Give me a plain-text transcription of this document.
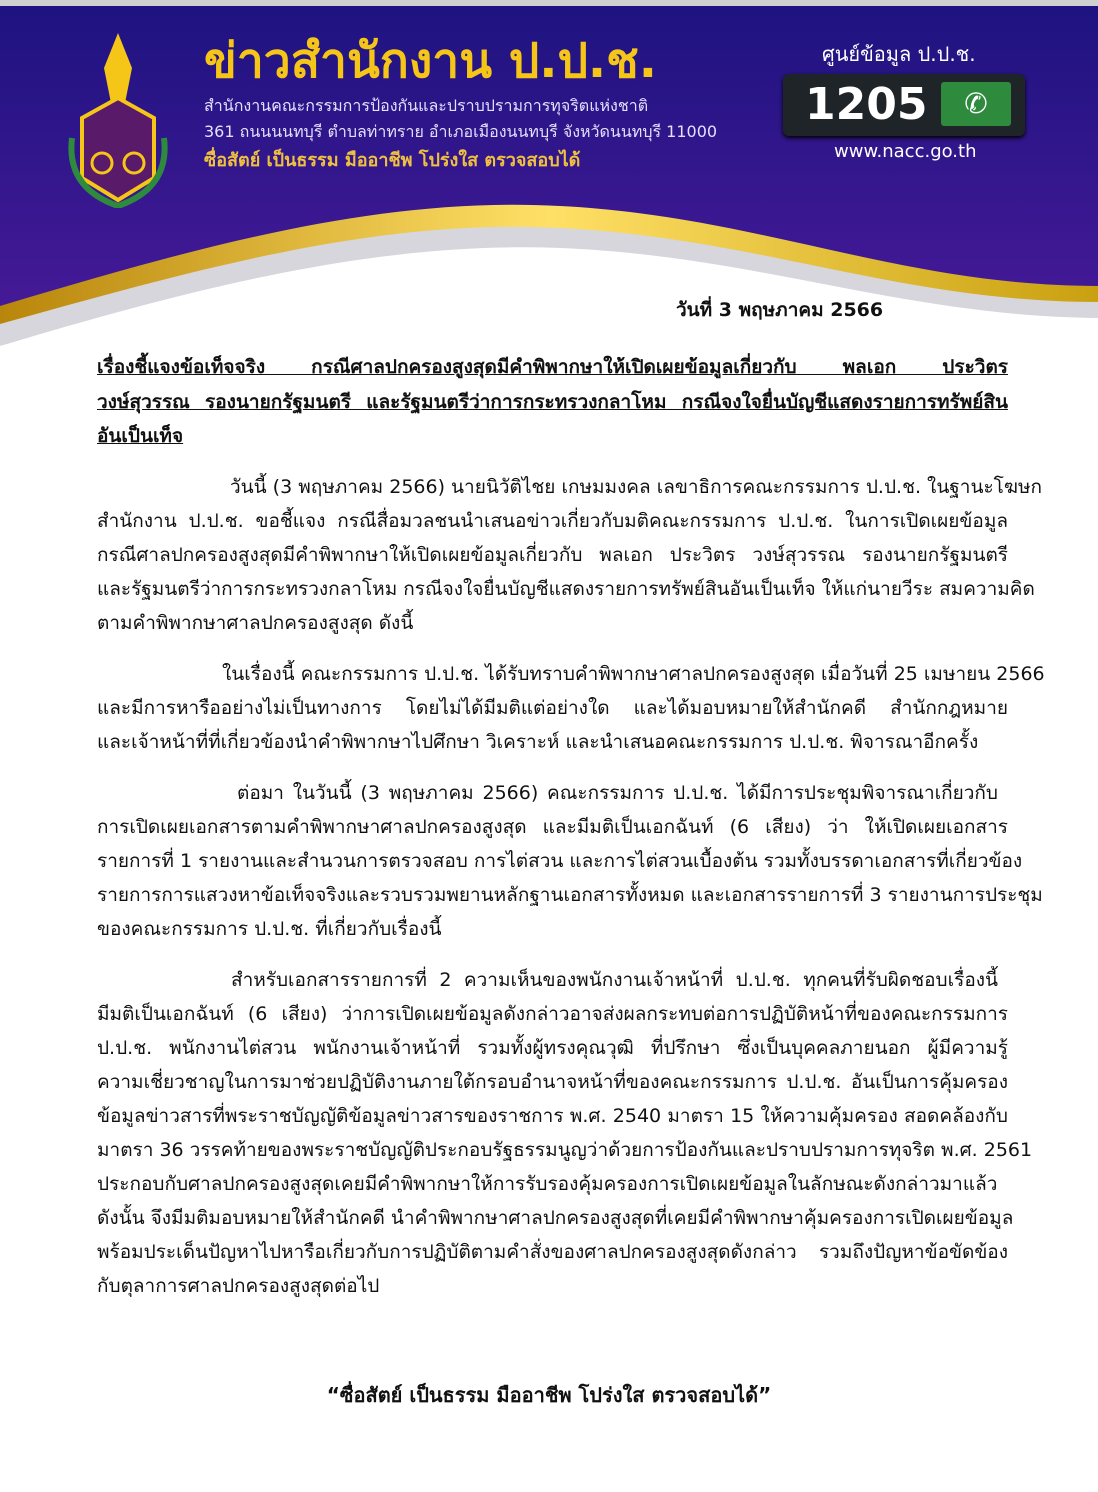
ข่าวสำนักงาน ป.ป.ช.
สำนักงานคณะกรรมการป้องกันและปราบปรามการทุจริตแห่งชาติ
361 ถนนนนทบุรี ตำบลท่าทราย อำเภอเมืองนนทบุรี จังหวัดนนทบุรี 11000
ซื่อสัตย์ เป็นธรรม มืออาชีพ โปร่งใส ตรวจสอบได้
ศูนย์ข้อมูล ป.ป.ช.
1205	✆
www.nacc.go.th
วันที่ 3 พฤษภาคม 2566
เรื่องชี้แจงข้อเท็จจริง กรณีศาลปกครองสูงสุดมีคำพิพากษาให้เปิดเผยข้อมูลเกี่ยวกับ พลเอก ประวิตร
วงษ์สุวรรณ รองนายกรัฐมนตรี และรัฐมนตรีว่าการกระทรวงกลาโหม กรณีจงใจยื่นบัญชีแสดงรายการทรัพย์สิน
อันเป็นเท็จ
วันนี้ (3 พฤษภาคม 2566) นายนิวัติไชย เกษมมงคล เลขาธิการคณะกรรมการ ป.ป.ช. ในฐานะโฆษก
สำนักงาน ป.ป.ช. ขอชี้แจง กรณีสื่อมวลชนนำเสนอข่าวเกี่ยวกับมติคณะกรรมการ ป.ป.ช. ในการเปิดเผยข้อมูล
กรณีศาลปกครองสูงสุดมีคำพิพากษาให้เปิดเผยข้อมูลเกี่ยวกับ พลเอก ประวิตร วงษ์สุวรรณ รองนายกรัฐมนตรี
และรัฐมนตรีว่าการกระทรวงกลาโหม กรณีจงใจยื่นบัญชีแสดงรายการทรัพย์สินอันเป็นเท็จ ให้แก่นายวีระ สมความคิด
ตามคำพิพากษาศาลปกครองสูงสุด ดังนี้
ในเรื่องนี้ คณะกรรมการ ป.ป.ช. ได้รับทราบคำพิพากษาศาลปกครองสูงสุด เมื่อวันที่ 25 เมษายน 2566
และมีการหารืออย่างไม่เป็นทางการ โดยไม่ได้มีมติแต่อย่างใด และได้มอบหมายให้สำนักคดี สำนักกฎหมาย
และเจ้าหน้าที่ที่เกี่ยวข้องนำคำพิพากษาไปศึกษา วิเคราะห์ และนำเสนอคณะกรรมการ ป.ป.ช. พิจารณาอีกครั้ง
ต่อมา ในวันนี้ (3 พฤษภาคม 2566) คณะกรรมการ ป.ป.ช. ได้มีการประชุมพิจารณาเกี่ยวกับ
การเปิดเผยเอกสารตามคำพิพากษาศาลปกครองสูงสุด และมีมติเป็นเอกฉันท์ (6 เสียง) ว่า ให้เปิดเผยเอกสาร
รายการที่ 1 รายงานและสำนวนการตรวจสอบ การไต่สวน และการไต่สวนเบื้องต้น รวมทั้งบรรดาเอกสารที่เกี่ยวข้อง
รายการการแสวงหาข้อเท็จจริงและรวบรวมพยานหลักฐานเอกสารทั้งหมด และเอกสารรายการที่ 3 รายงานการประชุม
ของคณะกรรมการ ป.ป.ช. ที่เกี่ยวกับเรื่องนี้
สำหรับเอกสารรายการที่ 2 ความเห็นของพนักงานเจ้าหน้าที่ ป.ป.ช. ทุกคนที่รับผิดชอบเรื่องนี้
มีมติเป็นเอกฉันท์ (6 เสียง) ว่าการเปิดเผยข้อมูลดังกล่าวอาจส่งผลกระทบต่อการปฏิบัติหน้าที่ของคณะกรรมการ
ป.ป.ช. พนักงานไต่สวน พนักงานเจ้าหน้าที่ รวมทั้งผู้ทรงคุณวุฒิ ที่ปรึกษา ซึ่งเป็นบุคคลภายนอก ผู้มีความรู้
ความเชี่ยวชาญในการมาช่วยปฏิบัติงานภายใต้กรอบอำนาจหน้าที่ของคณะกรรมการ ป.ป.ช. อันเป็นการคุ้มครอง
ข้อมูลข่าวสารที่พระราชบัญญัติข้อมูลข่าวสารของราชการ พ.ศ. 2540 มาตรา 15 ให้ความคุ้มครอง สอดคล้องกับ
มาตรา 36 วรรคท้ายของพระราชบัญญัติประกอบรัฐธรรมนูญว่าด้วยการป้องกันและปราบปรามการทุจริต พ.ศ. 2561
ประกอบกับศาลปกครองสูงสุดเคยมีคำพิพากษาให้การรับรองคุ้มครองการเปิดเผยข้อมูลในลักษณะดังกล่าวมาแล้ว
ดังนั้น จึงมีมติมอบหมายให้สำนักคดี นำคำพิพากษาศาลปกครองสูงสุดที่เคยมีคำพิพากษาคุ้มครองการเปิดเผยข้อมูล
พร้อมประเด็นปัญหาไปหารือเกี่ยวกับการปฏิบัติตามคำสั่งของศาลปกครองสูงสุดดังกล่าว รวมถึงปัญหาข้อขัดข้อง
กับตุลาการศาลปกครองสูงสุดต่อไป
“ซื่อสัตย์ เป็นธรรม มืออาชีพ โปร่งใส ตรวจสอบได้”
